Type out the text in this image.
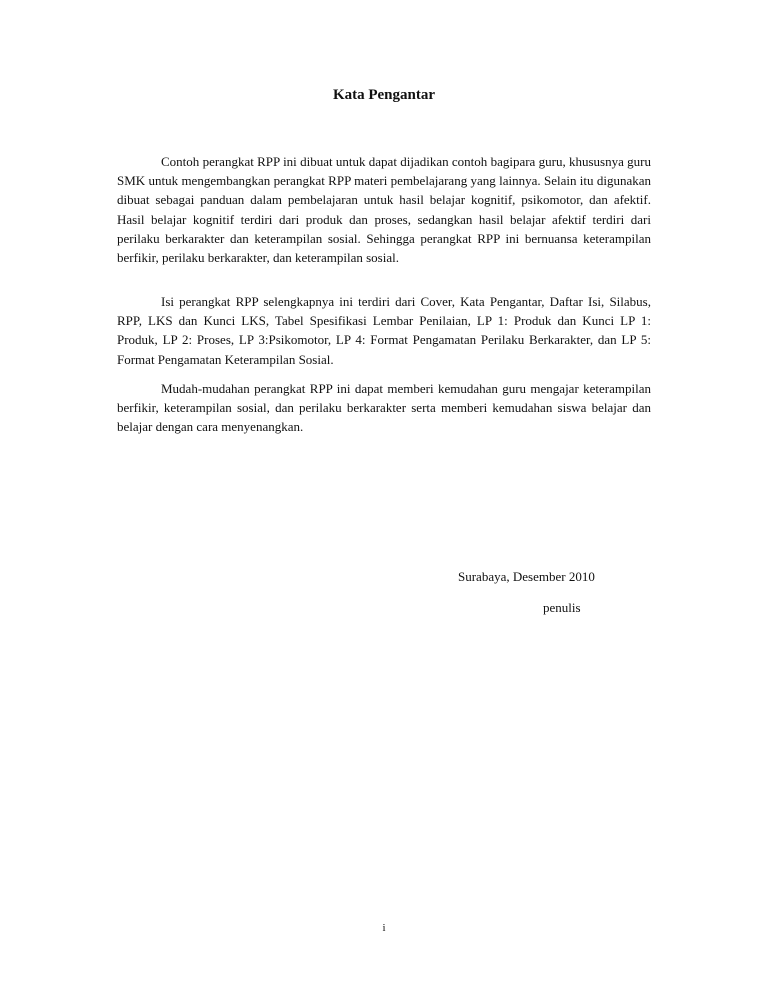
Kata Pengantar

Contoh perangkat RPP ini dibuat untuk dapat dijadikan contoh bagipara guru, khususnya guru SMK untuk mengembangkan perangkat RPP materi pembelajarang yang lainnya. Selain itu digunakan dibuat sebagai panduan dalam pembelajaran untuk hasil belajar kognitif, psikomotor, dan afektif. Hasil belajar kognitif terdiri dari produk dan proses, sedangkan hasil belajar afektif terdiri dari perilaku berkarakter dan keterampilan sosial. Sehingga perangkat RPP ini bernuansa keterampilan berfikir, perilaku berkarakter, dan keterampilan sosial.

Isi perangkat RPP selengkapnya ini terdiri dari Cover, Kata Pengantar, Daftar Isi, Silabus, RPP, LKS dan Kunci LKS, Tabel Spesifikasi Lembar Penilaian, LP 1: Produk dan Kunci LP 1: Produk, LP 2: Proses, LP 3:Psikomotor, LP 4: Format Pengamatan Perilaku Berkarakter, dan LP 5: Format Pengamatan Keterampilan Sosial.

Mudah-mudahan perangkat RPP ini dapat memberi kemudahan guru mengajar keterampilan berfikir, keterampilan sosial, dan perilaku berkarakter serta memberi kemudahan siswa belajar dan belajar dengan cara menyenangkan.

Surabaya, Desember 2010
penulis
i
